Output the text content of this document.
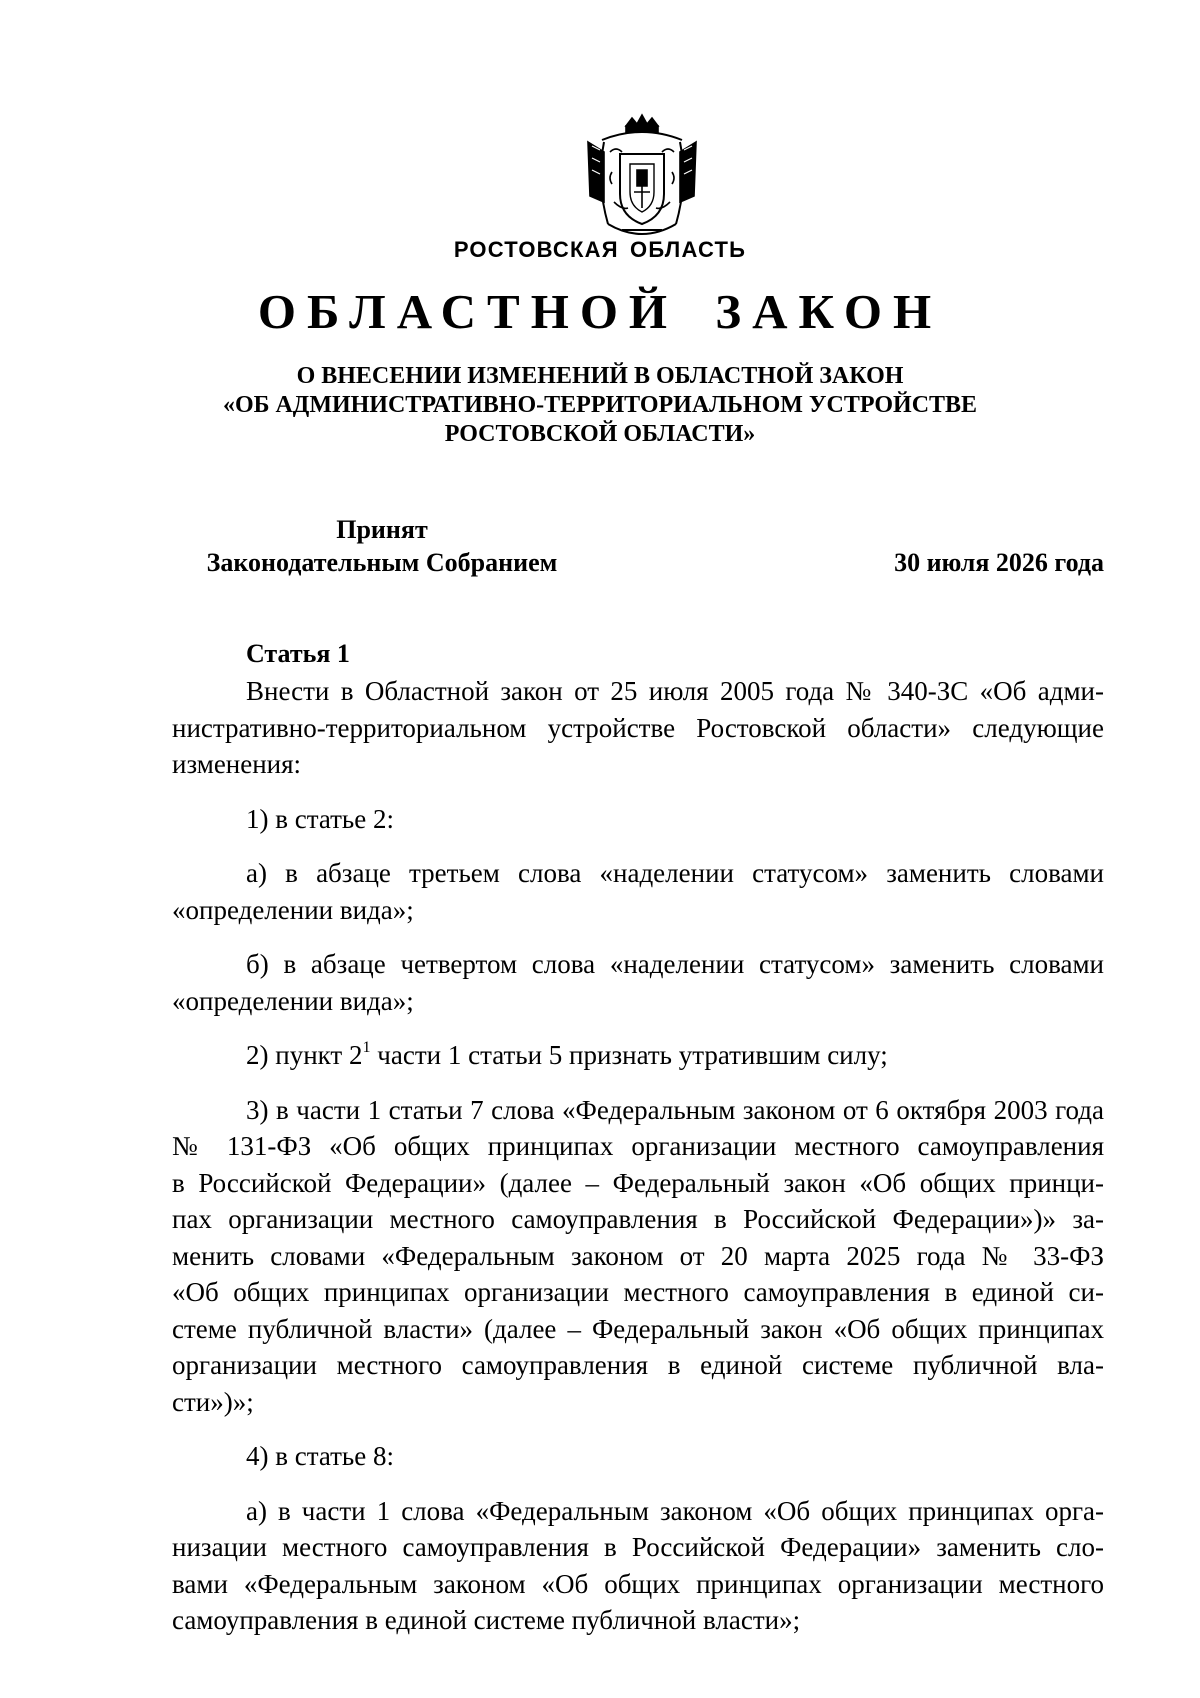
РОСТОВСКАЯ ОБЛАСТЬ
ОБЛАСТНОЙ ЗАКОН
О ВНЕСЕНИИ ИЗМЕНЕНИЙ В ОБЛАСТНОЙ ЗАКОН
«ОБ АДМИНИСТРАТИВНО-ТЕРРИТОРИАЛЬНОМ УСТРОЙСТВЕ
РОСТОВСКОЙ ОБЛАСТИ»
Принят
Законодательным Собранием	30 июля 2026 года
Статья 1
Внести в Областной закон от 25 июля 2005 года № 340-ЗС «Об адми-
нистративно-территориальном устройстве Ростовской области» следующие
изменения:
1) в статье 2:
а) в абзаце третьем слова «наделении статусом» заменить словами
«определении вида»;
б) в абзаце четвертом слова «наделении статусом» заменить словами
«определении вида»;
2) пункт $2^1$ части 1 статьи 5 признать утратившим силу;
3) в части 1 статьи 7 слова «Федеральным законом от 6 октября 2003 года
№ 131-ФЗ «Об общих принципах организации местного самоуправления
в Российской Федерации» (далее – Федеральный закон «Об общих принци-
пах организации местного самоуправления в Российской Федерации»)» за-
менить словами «Федеральным законом от 20 марта 2025 года № 33-ФЗ
«Об общих принципах организации местного самоуправления в единой си-
стеме публичной власти» (далее – Федеральный закон «Об общих принципах
организации местного самоуправления в единой системе публичной вла-
сти»)»;
4) в статье 8:
а) в части 1 слова «Федеральным законом «Об общих принципах орга-
низации местного самоуправления в Российской Федерации» заменить сло-
вами «Федеральным законом «Об общих принципах организации местного
самоуправления в единой системе публичной власти»;
